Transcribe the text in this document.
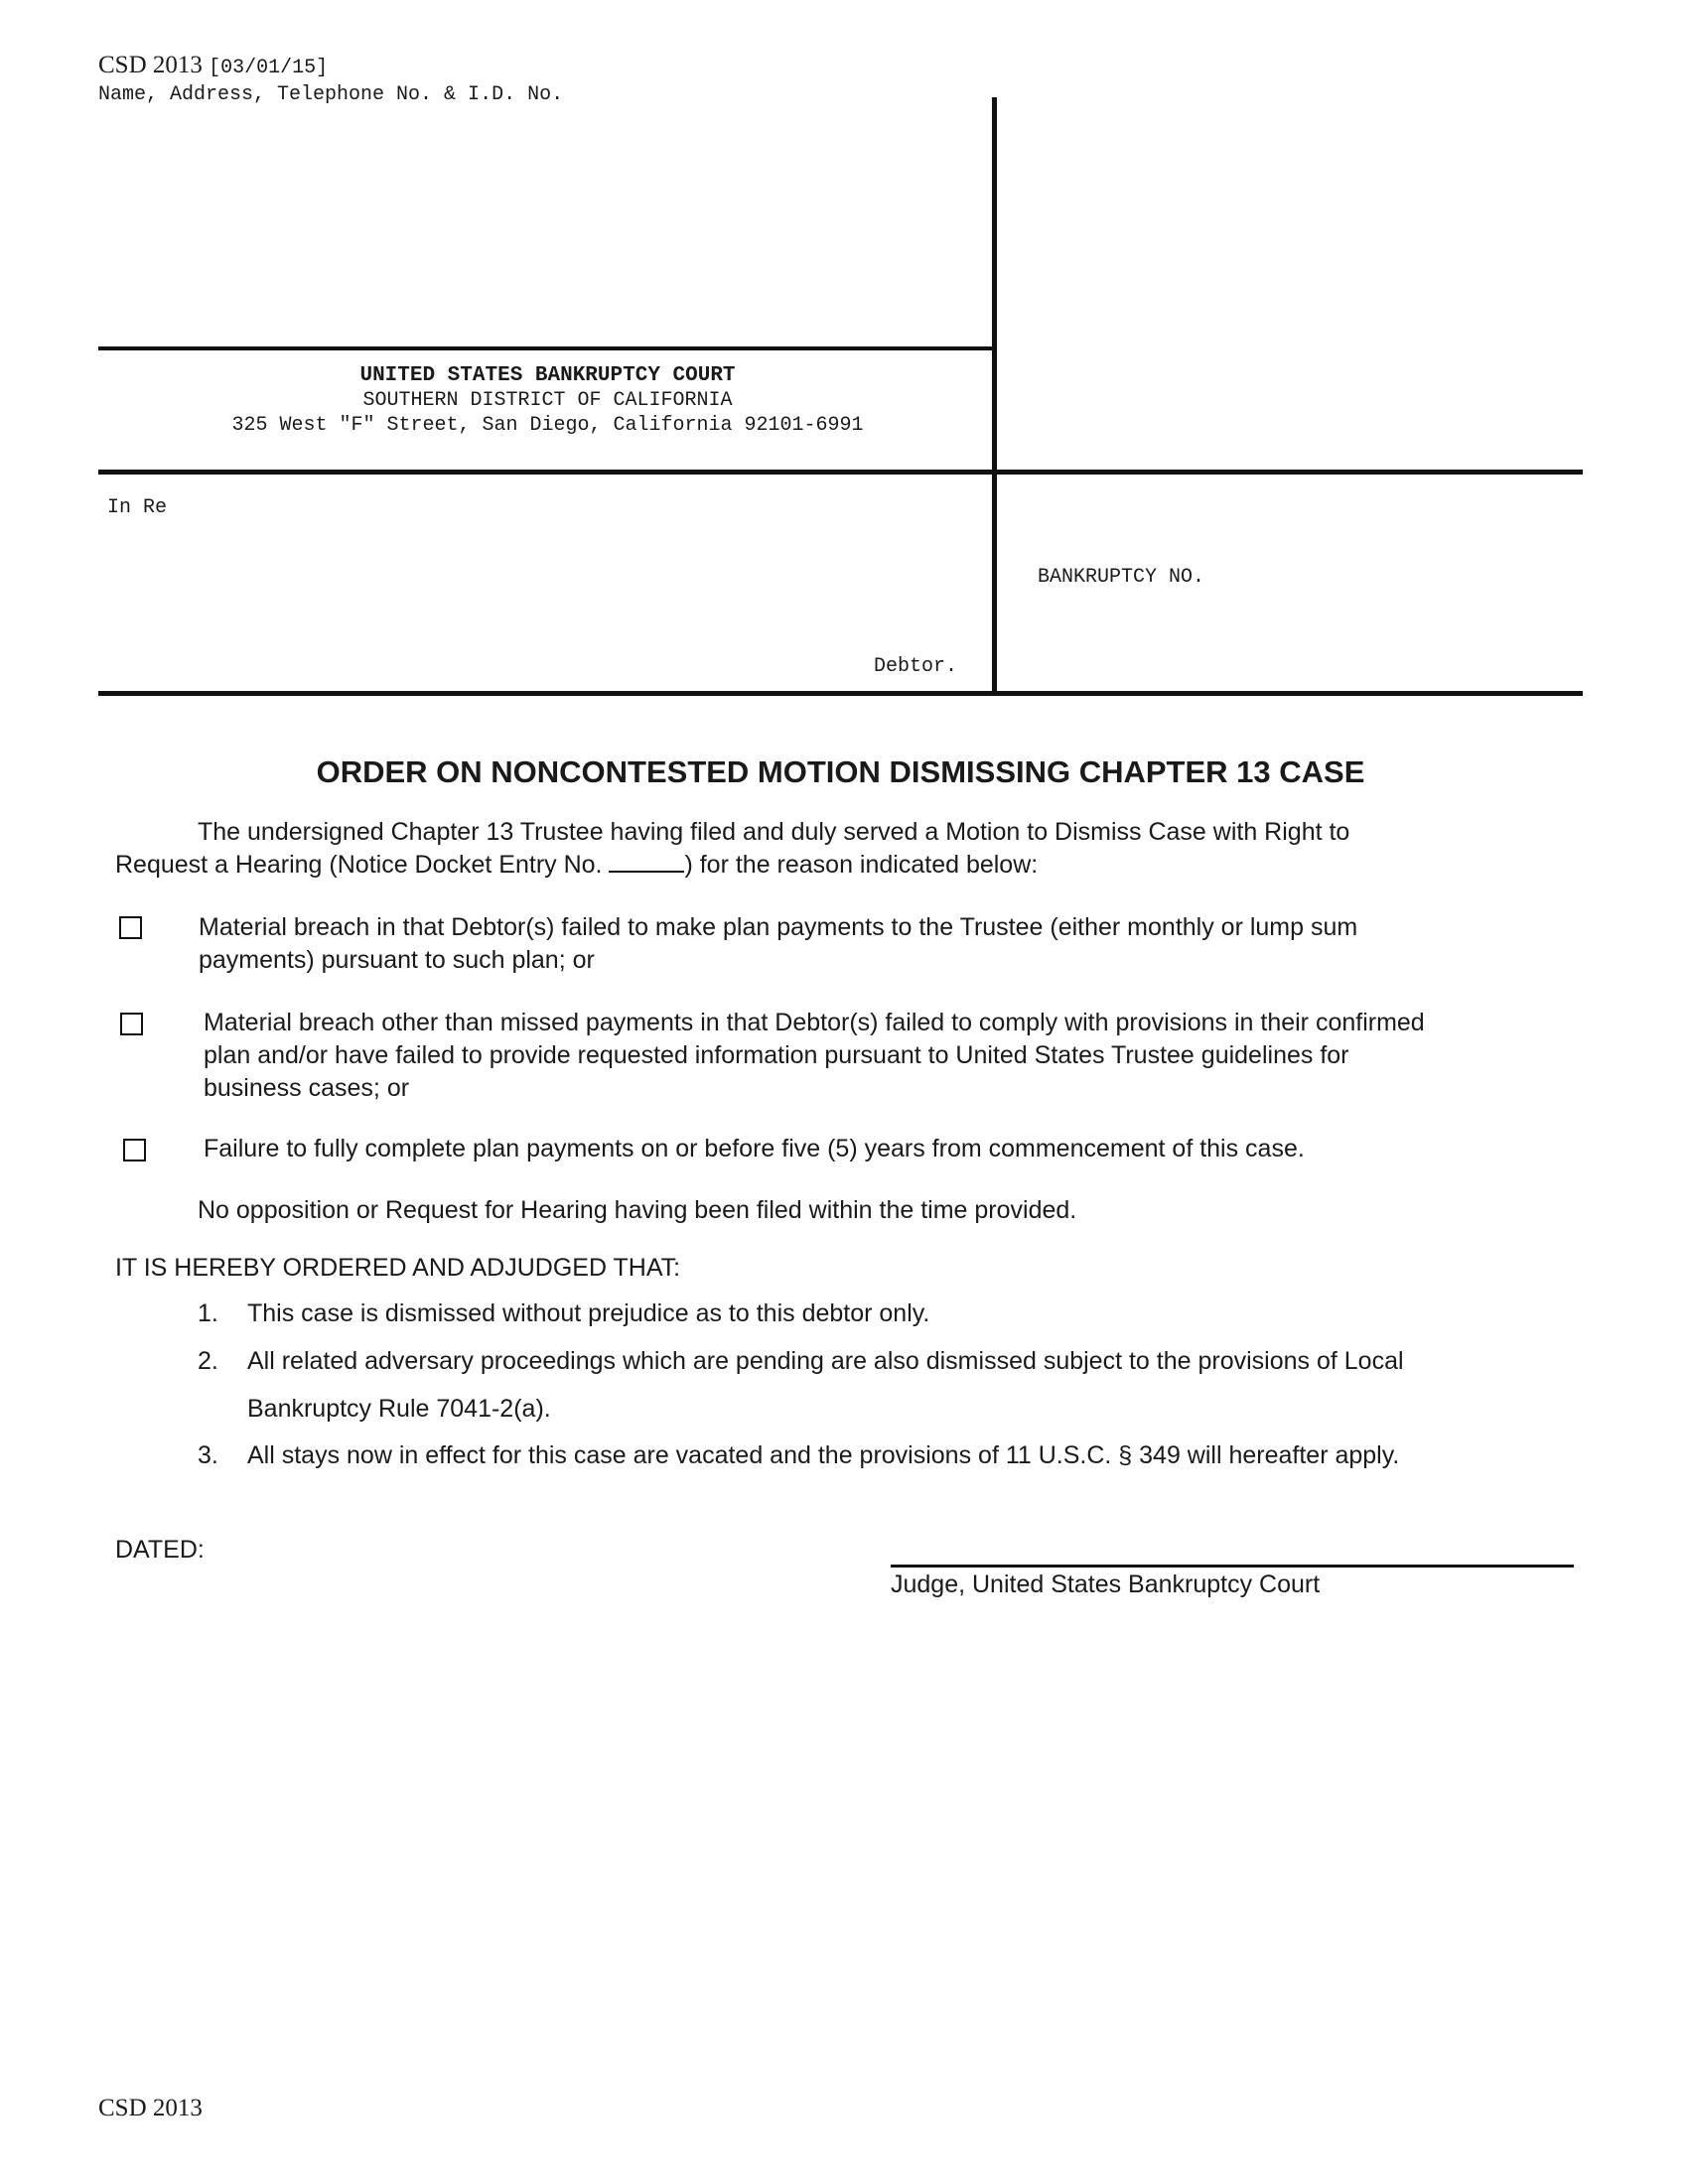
CSD 2013 [03/01/15]
Name, Address, Telephone No. & I.D. No.
UNITED STATES BANKRUPTCY COURT
SOUTHERN DISTRICT OF CALIFORNIA
325 West "F" Street, San Diego, California 92101-6991
In Re
BANKRUPTCY NO.
Debtor.
ORDER ON NONCONTESTED MOTION DISMISSING CHAPTER 13 CASE
The undersigned Chapter 13 Trustee having filed and duly served a Motion to Dismiss Case with Right to
Request a Hearing (Notice Docket Entry No.	) for the reason indicated below:
Material breach in that Debtor(s) failed to make plan payments to the Trustee (either monthly or lump sum
payments) pursuant to such plan; or
Material breach other than missed payments in that Debtor(s) failed to comply with provisions in their confirmed
plan and/or have failed to provide requested information pursuant to United States Trustee guidelines for
business cases; or
Failure to fully complete plan payments on or before five (5) years from commencement of this case.
No opposition or Request for Hearing having been filed within the time provided.
IT IS HEREBY ORDERED AND ADJUDGED THAT:
1. This case is dismissed without prejudice as to this debtor only.
2. All related adversary proceedings which are pending are also dismissed subject to the provisions of Local
Bankruptcy Rule 7041-2(a).
3. All stays now in effect for this case are vacated and the provisions of 11 U.S.C. § 349 will hereafter apply.
DATED:
Judge, United States Bankruptcy Court
CSD 2013
